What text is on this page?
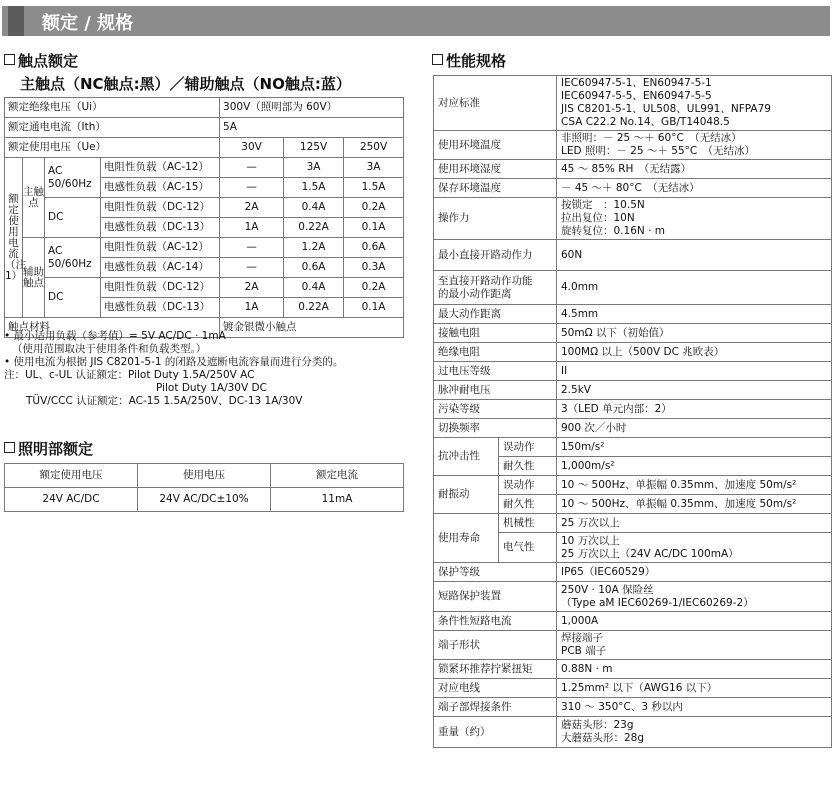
额定 / 规格
触点额定
主触点（NC触点:黑）／辅助触点（NO触点:蓝）
额定绝缘电压（Ui）				300V（照明部为 60V）		
额定通电电流（Ith）				5A		
额定使用电压（Ue）				30V	125V	250V
额定使用电流（注1）	主触点	AC 50/60Hz	电阻性负载（AC-12）	—	3A	3A
			电感性负载（AC-15）	—	1.5A	1.5A
		DC	电阻性负载（DC-12）	2A	0.4A	0.2A
			电感性负载（DC-13）	1A	0.22A	0.1A
	辅助触点	AC 50/60Hz	电阻性负载（AC-12）	—	1.2A	0.6A
			电感性负载（AC-14）	—	0.6A	0.3A
		DC	电阻性负载（DC-12）	2A	0.4A	0.2A
			电感性负载（DC-13）	1A	0.22A	0.1A
触点材料				镀金银微小触点		
• 最小适用负载（参考值）= 5V AC/DC · 1mA
（使用范围取决于使用条件和负载类型。）
• 使用电流为根据 JIS C8201-5-1 的闭路及遮断电流容量而进行分类的。
注：UL、c-UL 认证额定：Pilot Duty 1.5A/250V AC
Pilot Duty 1A/30V DC
TÜV/CCC 认证额定：AC-15 1.5A/250V、DC-13 1A/30V
照明部额定
额定使用电压	使用电压	额定电流
24V AC/DC	24V AC/DC±10%	11mA
性能规格
对应标准		IEC60947-5-1、EN60947-5-1
IEC60947-5-5、EN60947-5-5
JIS C8201-5-1、UL508、UL991、NFPA79
CSA C22.2 No.14、GB/T14048.5
使用环境温度		非照明：－ 25 ～＋ 60°C　（无结冰）
LED 照明：－ 25 ～＋ 55°C　（无结冰）
使用环境湿度		45 ～ 85% RH　（无结露）
保存环境温度		－ 45 ～＋ 80°C　（无结冰）
操作力		按锁定　：10.5N
拉出复位：10N
旋转复位：0.16N · m
最小直接开路动作力		60N
至直接开路动作功能
的最小动作距离		4.0mm
最大动作距离		4.5mm
接触电阻		50mΩ 以下（初始值）
绝缘电阻		100MΩ 以上（500V DC 兆欧表）
过电压等级		II
脉冲耐电压		2.5kV
污染等级		3（LED 单元内部：2）
切换频率		900 次／小时
抗冲击性	误动作	150m/s²
	耐久性	1,000m/s²
耐振动	误动作	10 ～ 500Hz、单振幅 0.35mm、加速度 50m/s²
	耐久性	10 ～ 500Hz、单振幅 0.35mm、加速度 50m/s²
使用寿命	机械性	25 万次以上
	电气性	10 万次以上
25 万次以上（24V AC/DC 100mA）
保护等级		IP65（IEC60529）
短路保护装置		250V · 10A 保险丝
（Type aM IEC60269-1/IEC60269-2）
条件性短路电流		1,000A
端子形状		焊接端子
PCB 端子
锁紧环推荐拧紧扭矩		0.88N · m
对应电线		1.25mm² 以下（AWG16 以下）
端子部焊接条件		310 ～ 350°C、3 秒以内
重量（约）		蘑菇头形：23g
大蘑菇头形：28g
